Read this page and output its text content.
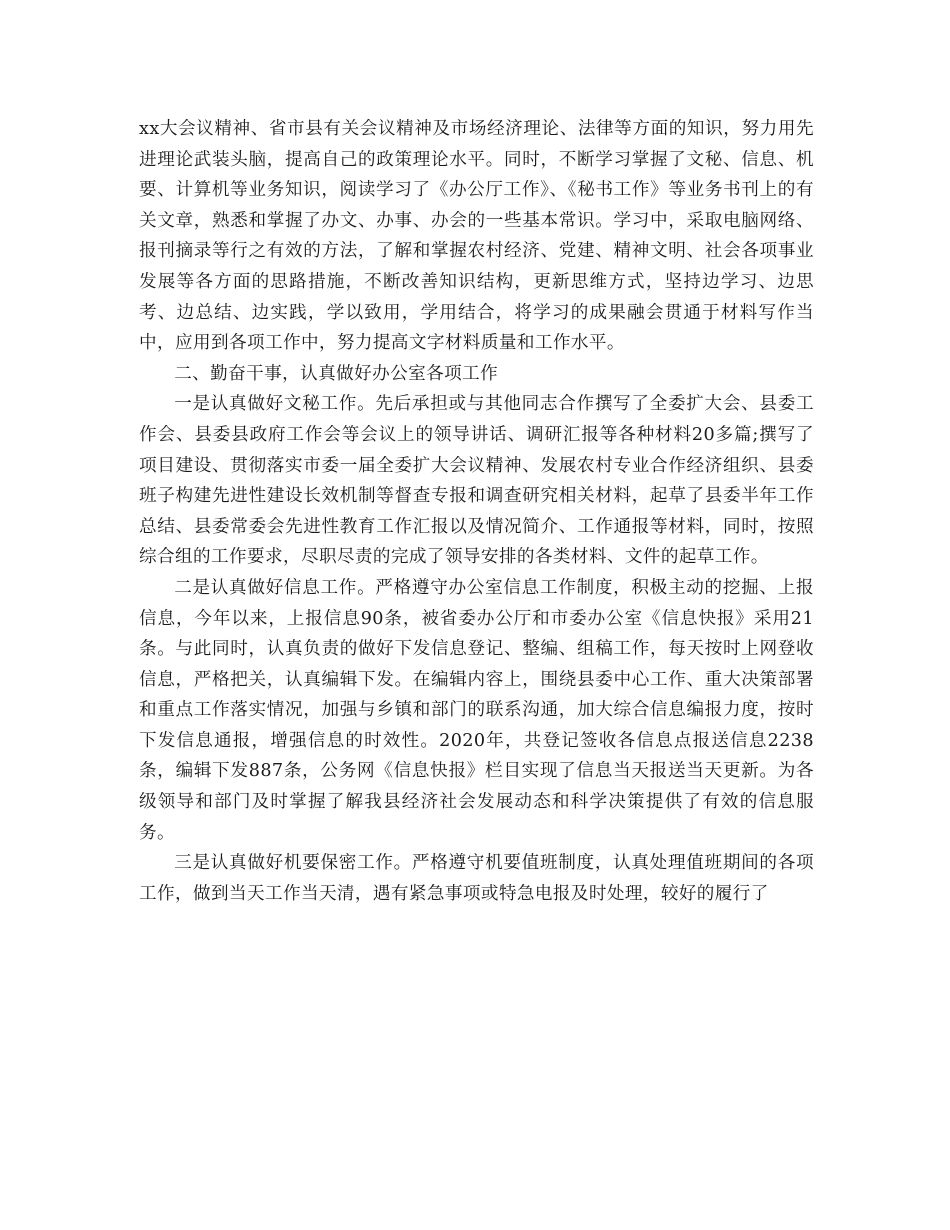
xx大会议精神、省市县有关会议精神及市场经济理论、法律等方面的知识，努力用先进理论武装头脑，提高自己的政策理论水平。同时，不断学习掌握了文秘、信息、机要、计算机等业务知识，阅读学习了《办公厅工作》、《秘书工作》等业务书刊上的有关文章，熟悉和掌握了办文、办事、办会的一些基本常识。学习中，采取电脑网络、报刊摘录等行之有效的方法，了解和掌握农村经济、党建、精神文明、社会各项事业发展等各方面的思路措施，不断改善知识结构，更新思维方式，坚持边学习、边思考、边总结、边实践，学以致用，学用结合，将学习的成果融会贯通于材料写作当中，应用到各项工作中，努力提高文字材料质量和工作水平。

二、勤奋干事，认真做好办公室各项工作

一是认真做好文秘工作。先后承担或与其他同志合作撰写了全委扩大会、县委工作会、县委县政府工作会等会议上的领导讲话、调研汇报等各种材料20多篇;撰写了项目建设、贯彻落实市委一届全委扩大会议精神、发展农村专业合作经济组织、县委班子构建先进性建设长效机制等督查专报和调查研究相关材料，起草了县委半年工作总结、县委常委会先进性教育工作汇报以及情况简介、工作通报等材料，同时，按照综合组的工作要求，尽职尽责的完成了领导安排的各类材料、文件的起草工作。

二是认真做好信息工作。严格遵守办公室信息工作制度，积极主动的挖掘、上报信息，今年以来，上报信息90条，被省委办公厅和市委办公室《信息快报》采用21条。与此同时，认真负责的做好下发信息登记、整编、组稿工作，每天按时上网登收信息，严格把关，认真编辑下发。在编辑内容上，围绕县委中心工作、重大决策部署和重点工作落实情况，加强与乡镇和部门的联系沟通，加大综合信息编报力度，按时下发信息通报，增强信息的时效性。2020年，共登记签收各信息点报送信息2238条，编辑下发887条，公务网《信息快报》栏目实现了信息当天报送当天更新。为各级领导和部门及时掌握了解我县经济社会发展动态和科学决策提供了有效的信息服务。

三是认真做好机要保密工作。严格遵守机要值班制度，认真处理值班期间的各项工作，做到当天工作当天清，遇有紧急事项或特急电报及时处理，较好的履行了
